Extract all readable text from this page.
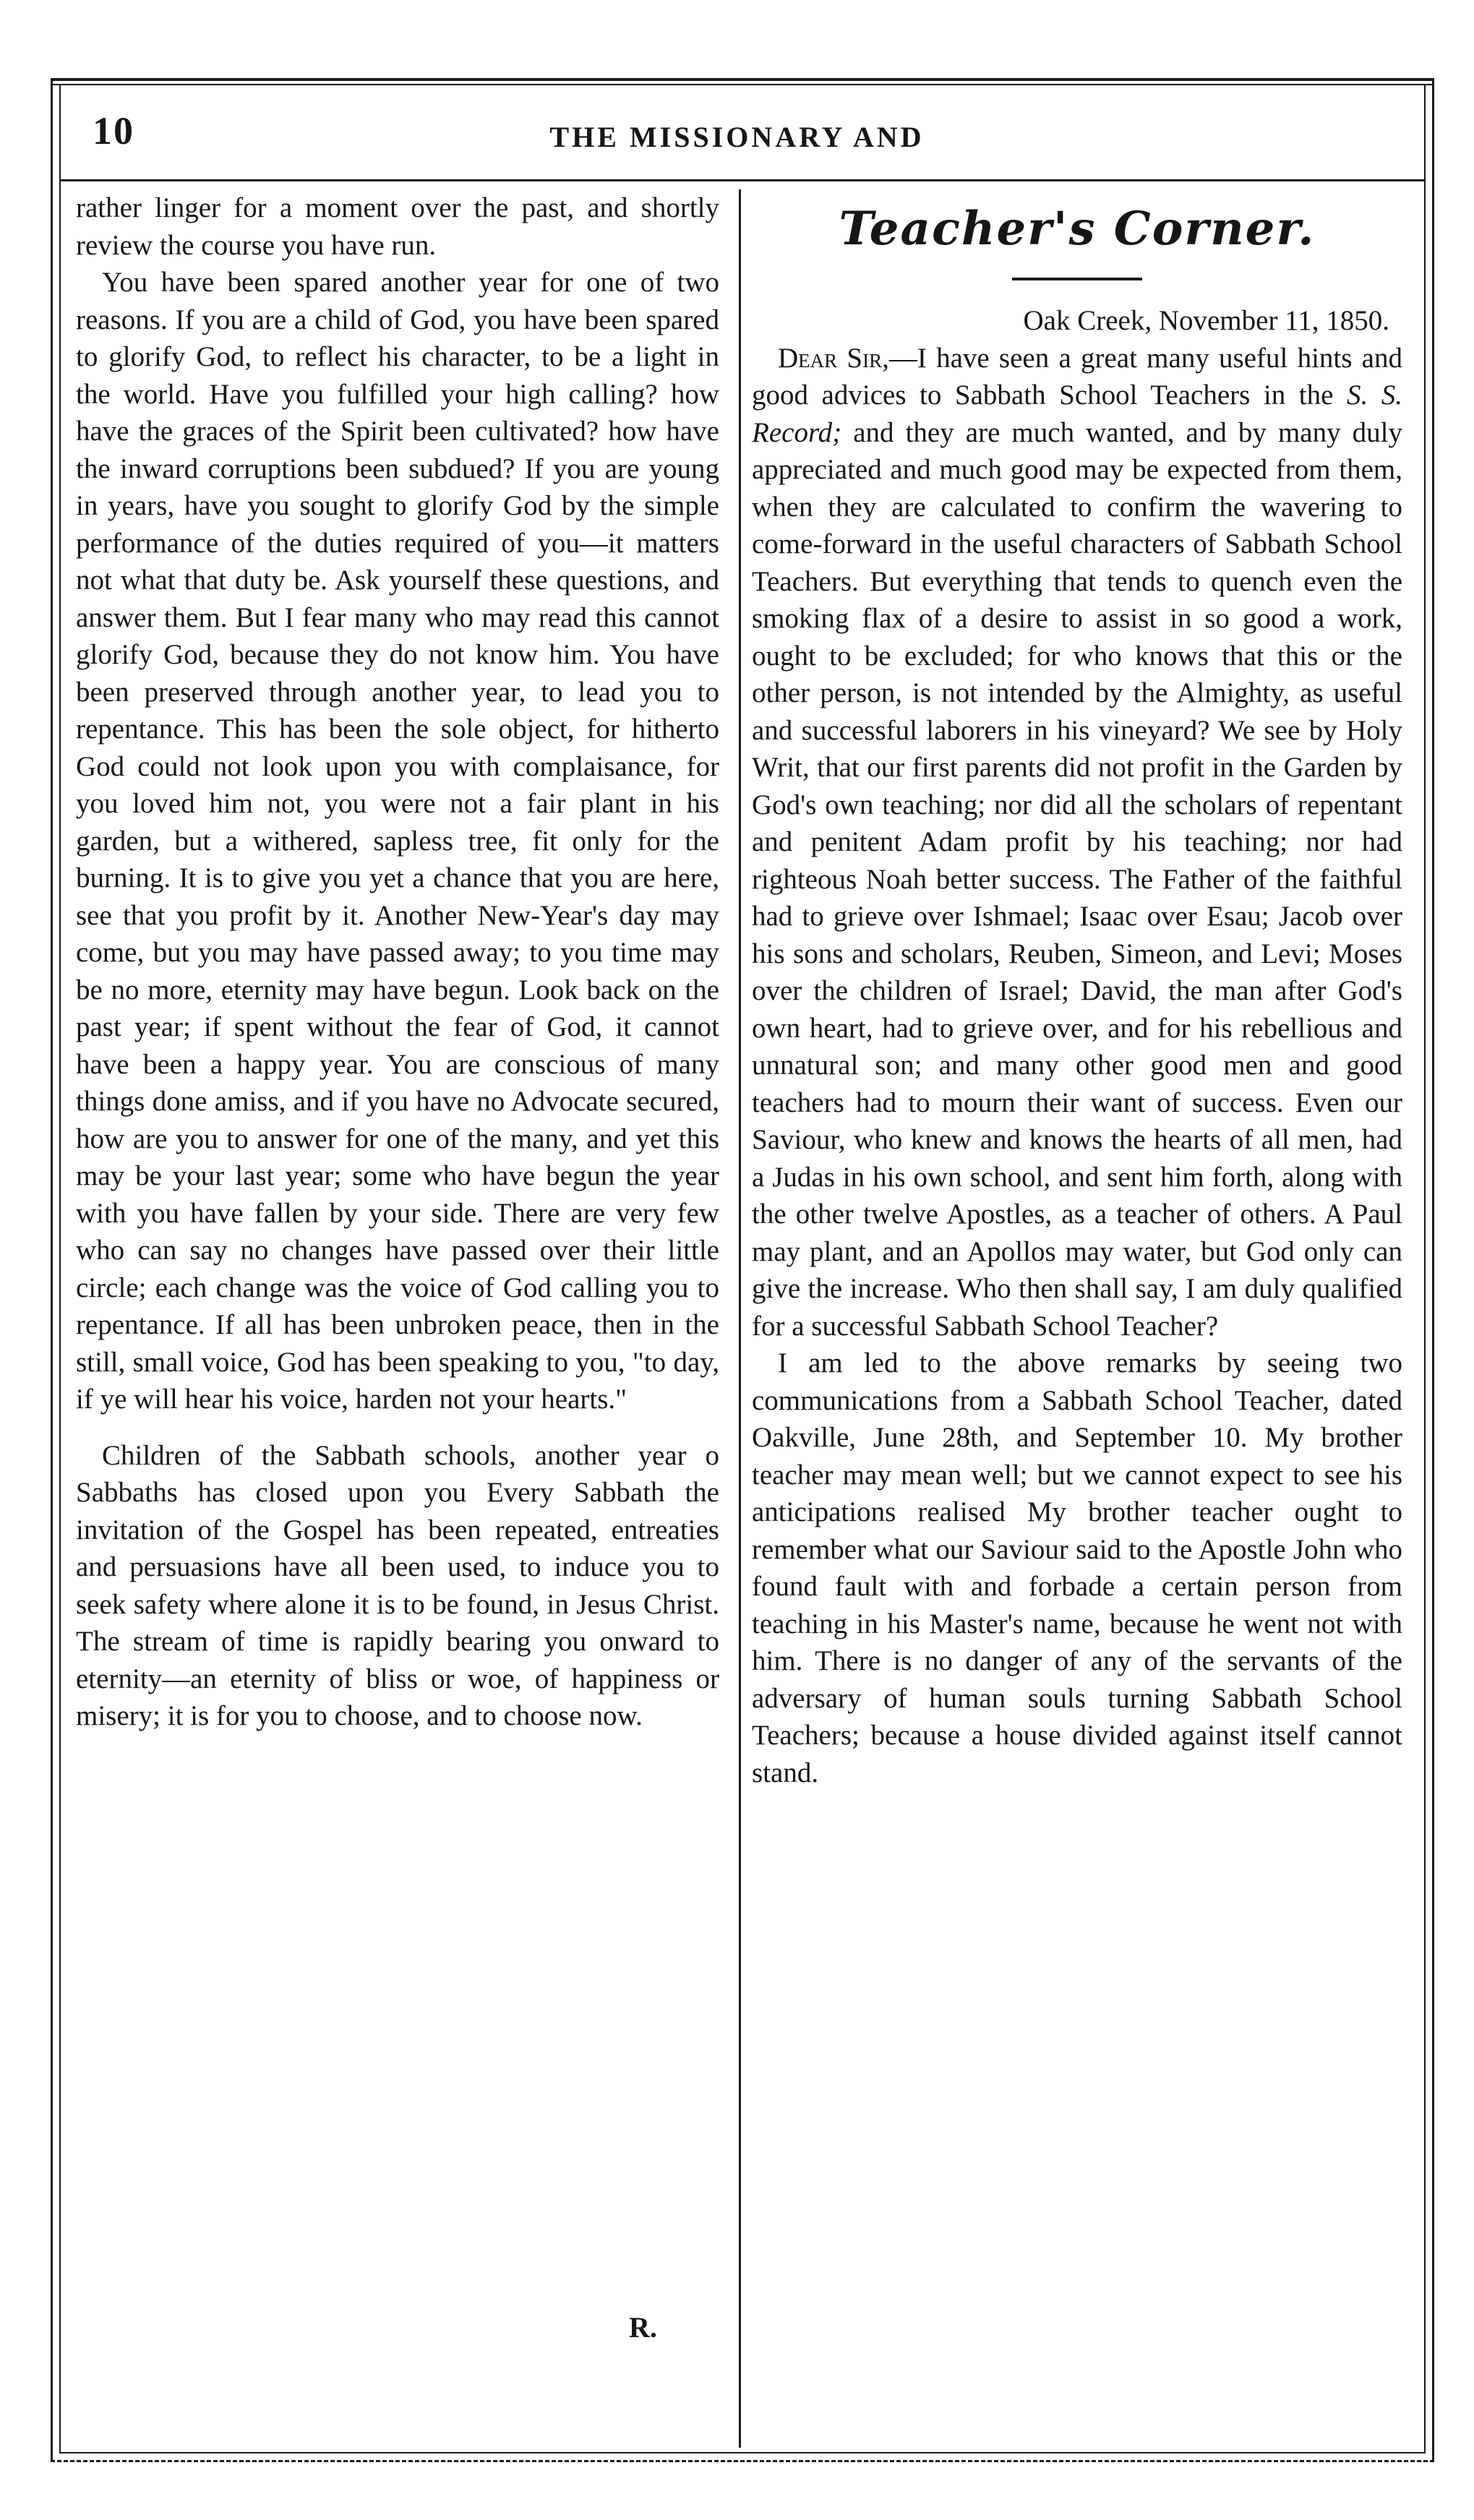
10	THE MISSIONARY AND

rather linger for a moment over the past, and shortly review the course you have run.

You have been spared another year for one of two reasons. If you are a child of God, you have been spared to glorify God, to reflect his character, to be a light in the world. Have you fulfilled your high calling? how have the graces of the Spirit been cultivated? how have the inward corruptions been subdued? If you are young in years, have you sought to glorify God by the simple performance of the duties required of you—it matters not what that duty be. Ask yourself these questions, and answer them. But I fear many who may read this cannot glorify God, because they do not know him. You have been preserved through another year, to lead you to repentance. This has been the sole object, for hitherto God could not look upon you with complaisance, for you loved him not, you were not a fair plant in his garden, but a withered, sapless tree, fit only for the burning. It is to give you yet a chance that you are here, see that you profit by it. Another New-Year's day may come, but you may have passed away; to you time may be no more, eternity may have begun. Look back on the past year; if spent without the fear of God, it cannot have been a happy year. You are conscious of many things done amiss, and if you have no Advocate secured, how are you to answer for one of the many, and yet this may be your last year; some who have begun the year with you have fallen by your side. There are very few who can say no changes have passed over their little circle; each change was the voice of God calling you to repentance. If all has been unbroken peace, then in the still, small voice, God has been speaking to you, "to day, if ye will hear his voice, harden not your hearts."

Children of the Sabbath schools, another year o Sabbaths has closed upon you Every Sabbath the invitation of the Gospel has been repeated, entreaties and persuasions have all been used, to induce you to seek safety where alone it is to be found, in Jesus Christ. The stream of time is rapidly bearing you onward to eternity—an eternity of bliss or woe, of happiness or misery; it is for you to choose, and to choose now.

R.
Teacher's Corner.

Oak Creek, November 11, 1850.

Dear Sir,—I have seen a great many useful hints and good advices to Sabbath School Teachers in the S. S. Record; and they are much wanted, and by many duly appreciated and much good may be expected from them, when they are calculated to confirm the wavering to come-forward in the useful characters of Sabbath School Teachers. But everything that tends to quench even the smoking flax of a desire to assist in so good a work, ought to be excluded; for who knows that this or the other person, is not intended by the Almighty, as useful and successful laborers in his vineyard? We see by Holy Writ, that our first parents did not profit in the Garden by God's own teaching; nor did all the scholars of repentant and penitent Adam profit by his teaching; nor had righteous Noah better success. The Father of the faithful had to grieve over Ishmael; Isaac over Esau; Jacob over his sons and scholars, Reuben, Simeon, and Levi; Moses over the children of Israel; David, the man after God's own heart, had to grieve over, and for his rebellious and unnatural son; and many other good men and good teachers had to mourn their want of success. Even our Saviour, who knew and knows the hearts of all men, had a Judas in his own school, and sent him forth, along with the other twelve Apostles, as a teacher of others. A Paul may plant, and an Apollos may water, but God only can give the increase. Who then shall say, I am duly qualified for a successful Sabbath School Teacher?

I am led to the above remarks by seeing two communications from a Sabbath School Teacher, dated Oakville, June 28th, and September 10. My brother teacher may mean well; but we cannot expect to see his anticipations realised My brother teacher ought to remember what our Saviour said to the Apostle John who found fault with and forbade a certain person from teaching in his Master's name, because he went not with him. There is no danger of any of the servants of the adversary of human souls turning Sabbath School Teachers; because a house divided against itself cannot stand.
